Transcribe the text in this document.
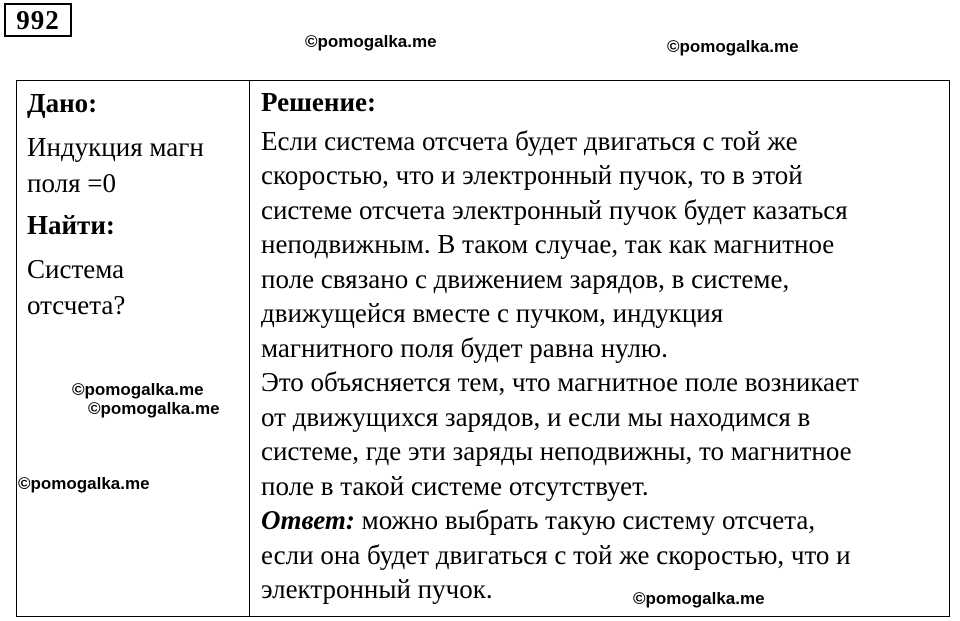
992
©pomogalka.me	©pomogalka.me
Дано:
Индукция магн
поля =0
Найти:
Система
отсчета?
Решение:

Если система отсчета будет двигаться с той же
скоростью, что и электронный пучок, то в этой
системе отсчета электронный пучок будет казаться
неподвижным. В таком случае, так как магнитное
поле связано с движением зарядов, в системе,
движущейся вместе с пучком, индукция
магнитного поля будет равна нулю.

Это объясняется тем, что магнитное поле возникает
от движущихся зарядов, и если мы находимся в
системе, где эти заряды неподвижны, то магнитное
поле в такой системе отсутствует.

Ответ: можно выбрать такую систему отсчета,
если она будет двигаться с той же скоростью, что и
электронный пучок.

©pomogalka.me
©pomogalka.me
©pomogalka.me
©pomogalka.me
